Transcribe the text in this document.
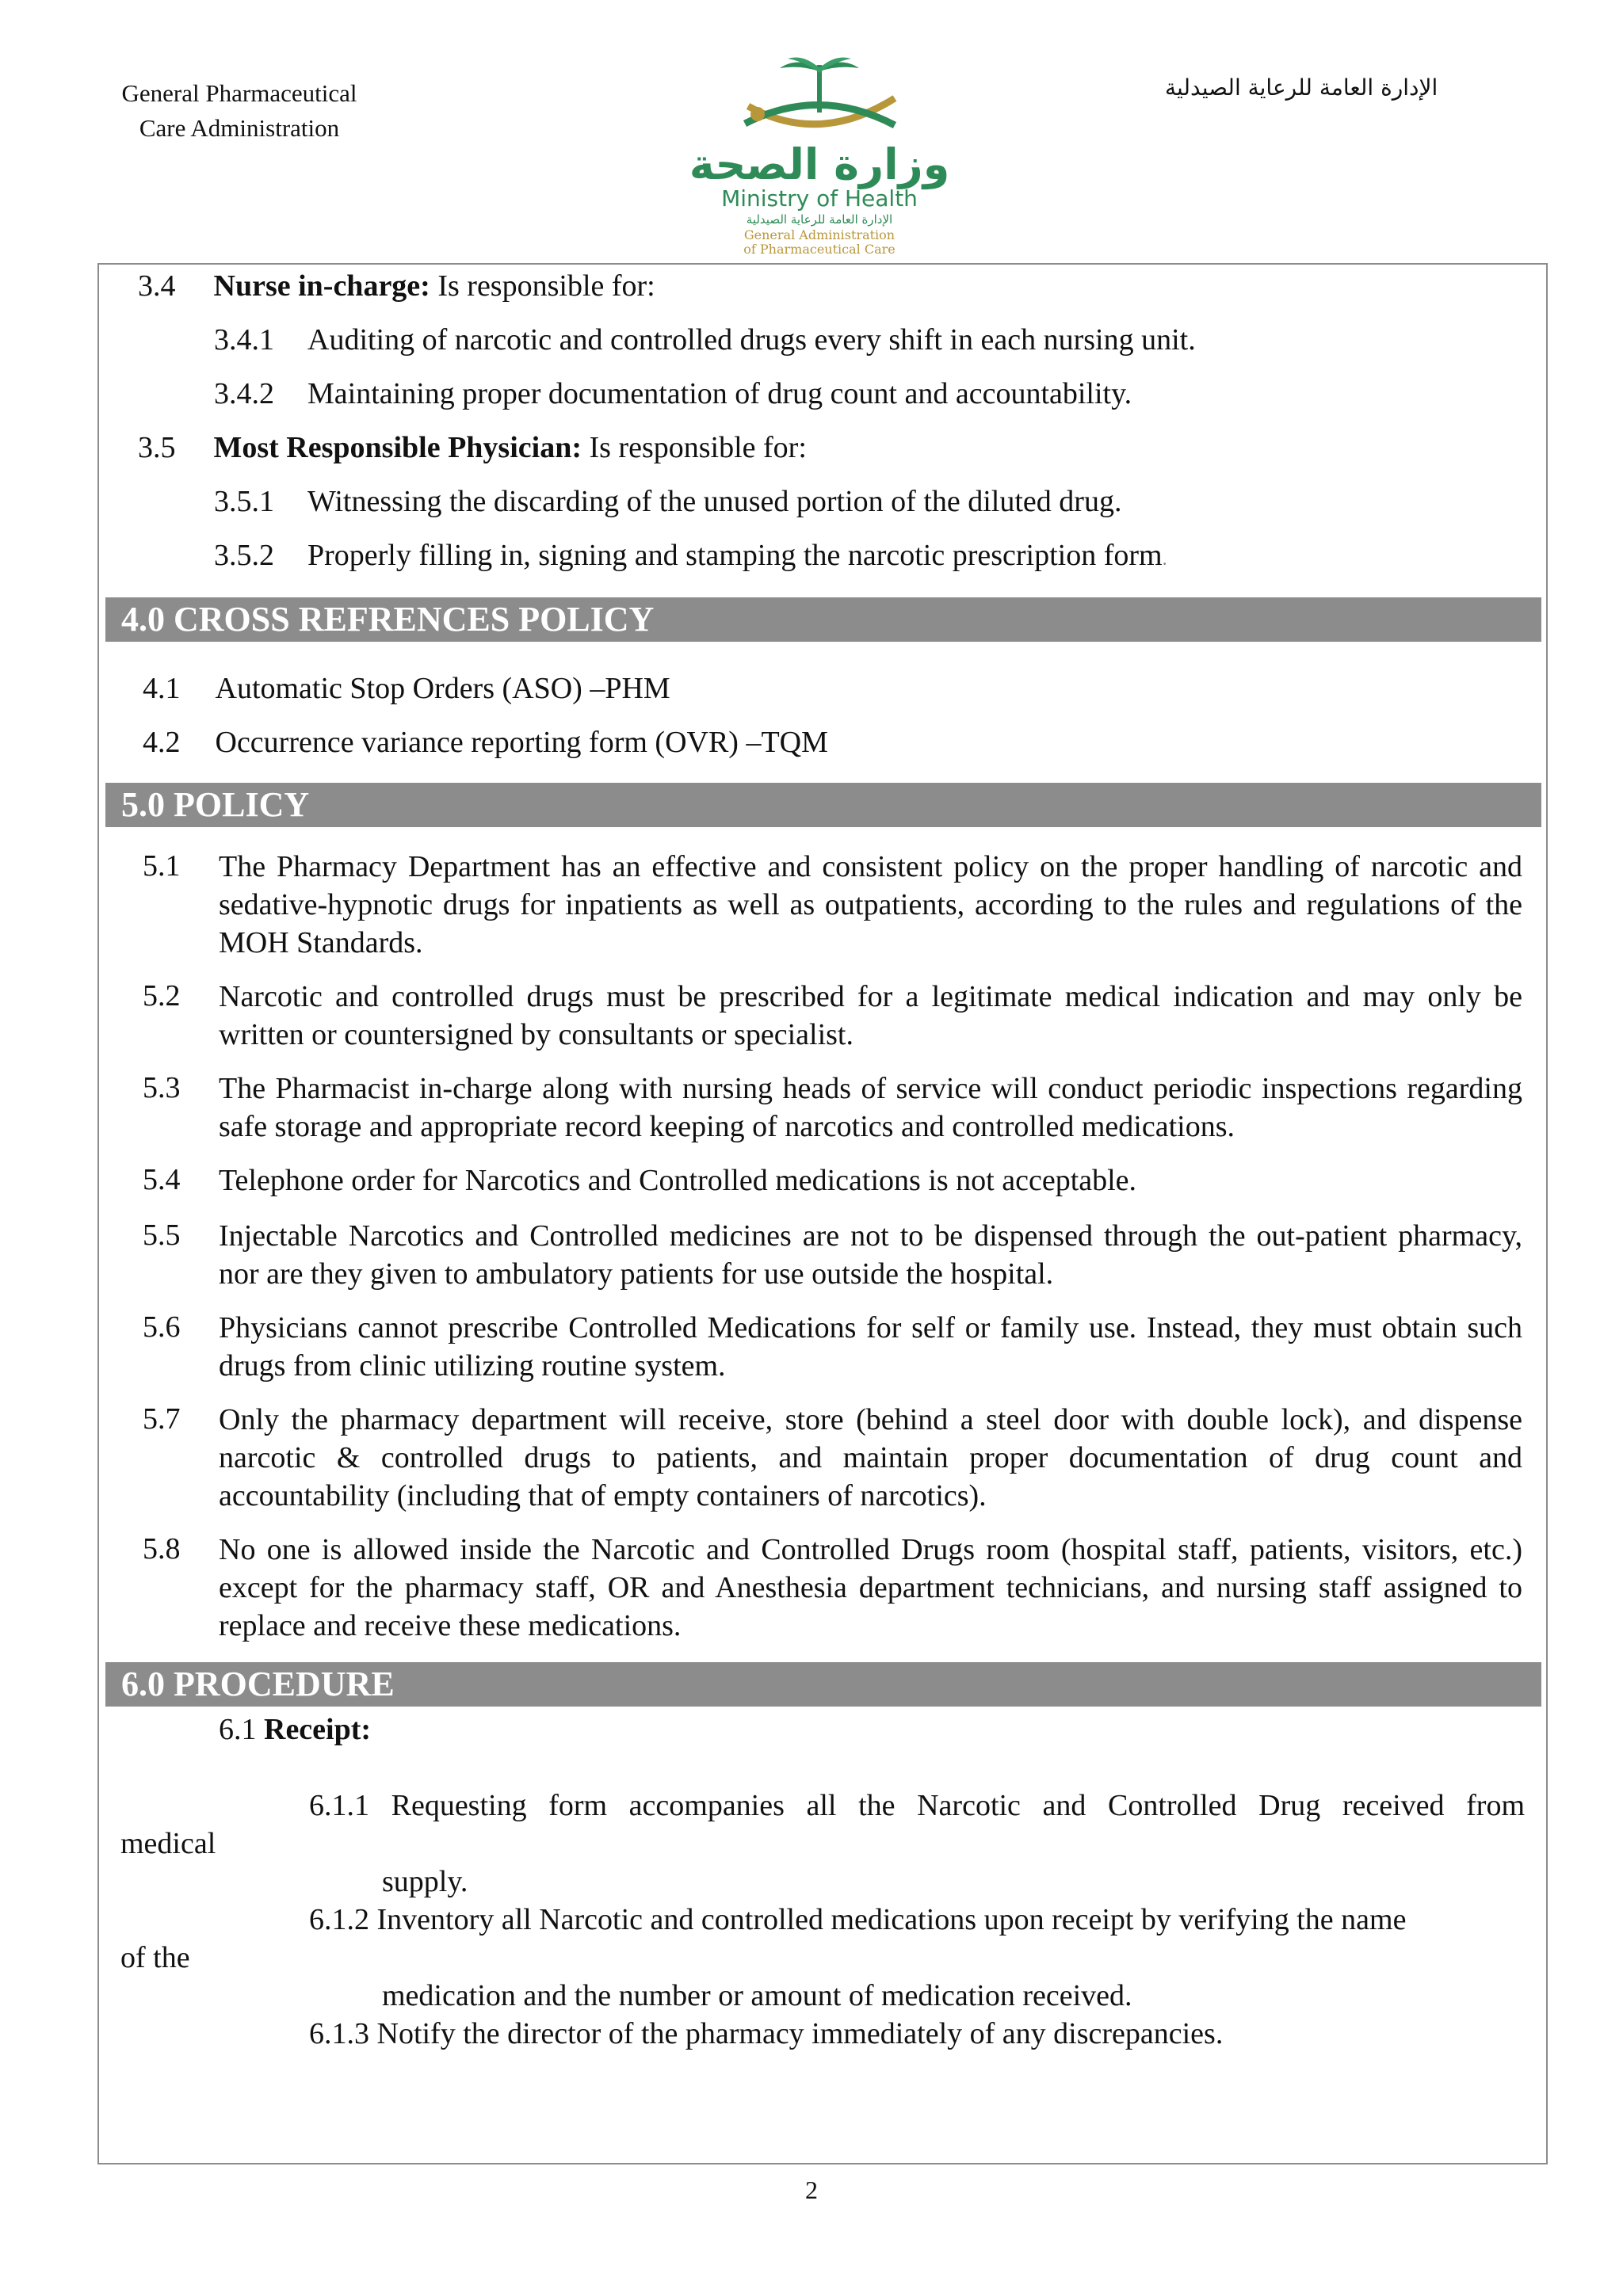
General Pharmaceutical
Care Administration
وزارة الصحة
Ministry of Health
الإدارة العامة للرعاية الصيدلية
General Administration
of Pharmaceutical Care
الإدارة العامة للرعاية الصيدلية
3.4 Nurse in-charge: Is responsible for:
3.4.1 Auditing of narcotic and controlled drugs every shift in each nursing unit.
3.4.2 Maintaining proper documentation of drug count and accountability.
3.5 Most Responsible Physician: Is responsible for:
3.5.1 Witnessing the discarding of the unused portion of the diluted drug.
3.5.2 Properly filling in, signing and stamping the narcotic prescription form.
4.0 CROSS REFRENCES POLICY
4.1 Automatic Stop Orders (ASO) –PHM
4.2 Occurrence variance reporting form (OVR) –TQM
5.0 POLICY
5.1 The Pharmacy Department has an effective and consistent policy on the proper handling of narcotic and sedative-hypnotic drugs for inpatients as well as outpatients, according to the rules and regulations of the MOH Standards.
5.2 Narcotic and controlled drugs must be prescribed for a legitimate medical indication and may only be written or countersigned by consultants or specialist.
5.3 The Pharmacist in-charge along with nursing heads of service will conduct periodic inspections regarding safe storage and appropriate record keeping of narcotics and controlled medications.
5.4 Telephone order for Narcotics and Controlled medications is not acceptable.
5.5 Injectable Narcotics and Controlled medicines are not to be dispensed through the out-patient pharmacy, nor are they given to ambulatory patients for use outside the hospital.
5.6 Physicians cannot prescribe Controlled Medications for self or family use. Instead, they must obtain such drugs from clinic utilizing routine system.
5.7 Only the pharmacy department will receive, store (behind a steel door with double lock), and dispense narcotic & controlled drugs to patients, and maintain proper documentation of drug count and accountability (including that of empty containers of narcotics).
5.8 No one is allowed inside the Narcotic and Controlled Drugs room (hospital staff, patients, visitors, etc.) except for the pharmacy staff, OR and Anesthesia department technicians, and nursing staff assigned to replace and receive these medications.
6.0 PROCEDURE
6.1 Receipt:
6.1.1 Requesting form accompanies all the Narcotic and Controlled Drug received from
medical
supply.
6.1.2 Inventory all Narcotic and controlled medications upon receipt by verifying the name
of the
medication and the number or amount of medication received.
6.1.3 Notify the director of the pharmacy immediately of any discrepancies.
2
